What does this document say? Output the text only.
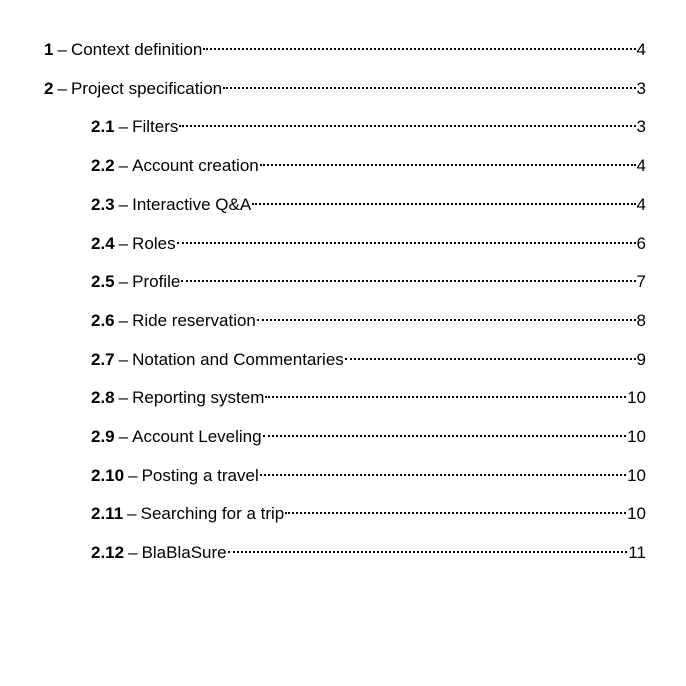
1 – Context definition	4
2 – Project specification	3
2.1 – Filters	3
2.2 – Account creation	4
2.3 – Interactive Q&A	4
2.4 – Roles	6
2.5 – Profile	7
2.6 – Ride reservation	8
2.7 – Notation and Commentaries	9
2.8 – Reporting system	10
2.9 – Account Leveling	10
2.10 – Posting a travel	10
2.11 – Searching for a trip	10
2.12 – BlaBlaSure	11
